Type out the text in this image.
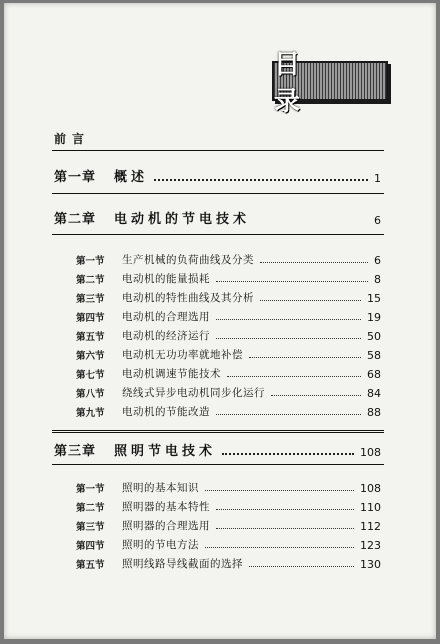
目 录
前言
第一章	概述	1
第二章	电动机的节电技术	6
第一节	生产机械的负荷曲线及分类	6
第二节	电动机的能量损耗	8
第三节	电动机的特性曲线及其分析	15
第四节	电动机的合理选用	19
第五节	电动机的经济运行	50
第六节	电动机无功功率就地补偿	58
第七节	电动机调速节能技术	68
第八节	绕线式异步电动机同步化运行	84
第九节	电动机的节能改造	88
第三章	照明节电技术	108
第一节	照明的基本知识	108
第二节	照明器的基本特性	110
第三节	照明器的合理选用	112
第四节	照明的节电方法	123
第五节	照明线路导线截面的选择	130
